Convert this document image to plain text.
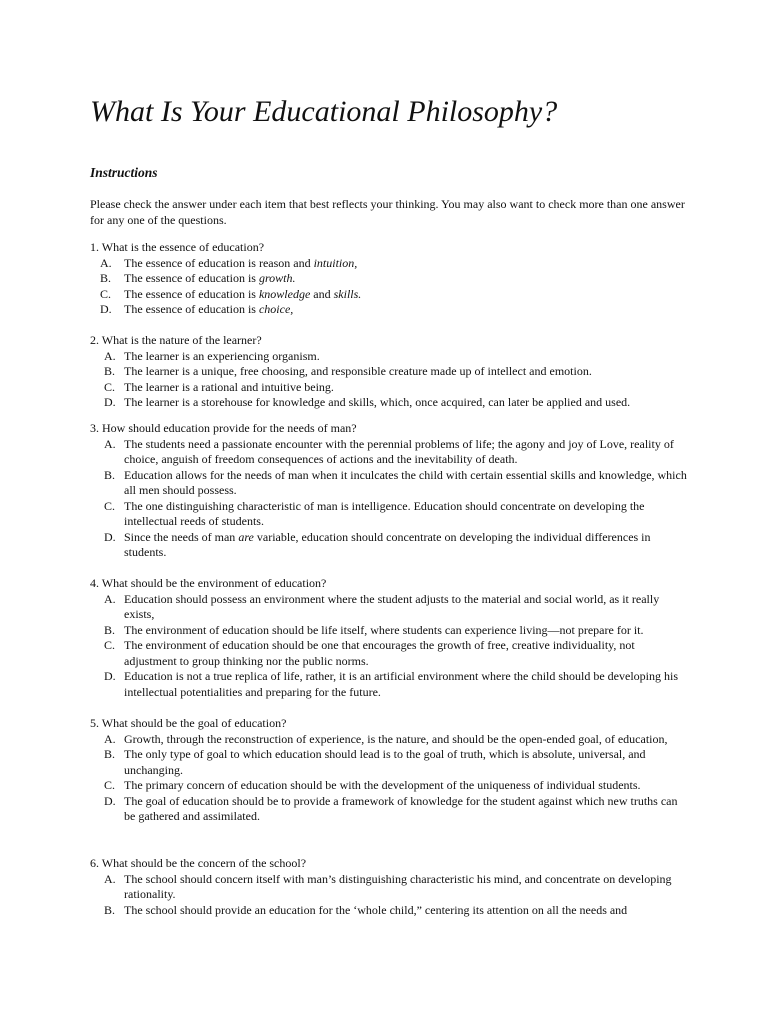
What Is Your Educational Philosophy?
Instructions

Please check the answer under each item that best reflects your thinking. You may also want to check more than one answer for any one of the questions.

1. What is the essence of education?

A.	The essence of education is reason and intuition,
B.	The essence of education is growth.
C.	The essence of education is knowledge and skills.
D.	The essence of education is choice,

2. What is the nature of the learner?

A. The learner is an experiencing organism.
B. The learner is a unique, free choosing, and responsible creature made up of intellect and emotion.
C. The learner is a rational and intuitive being.
D. The learner is a storehouse for knowledge and skills, which, once acquired, can later be applied and used.

3. How should education provide for the needs of man?

A. The students need a passionate encounter with the perennial problems of life; the agony and joy of Love, reality of choice, anguish of freedom consequences of actions and the inevitability of death.
B. Education allows for the needs of man when it inculcates the child with certain essential skills and knowledge, which all men should possess.
C. The one distinguishing characteristic of man is intelligence. Education should concentrate on developing the intellectual reeds of students.
D. Since the needs of man are variable, education should concentrate on developing the individual differences in students.

4. What should be the environment of education?

A. Education should possess an environment where the student adjusts to the material and social world, as it really exists,
B. The environment of education should be life itself, where students can experience living—not prepare for it.
C. The environment of education should be one that encourages the growth of free, creative individuality, not adjustment to group thinking nor the public norms.
D. Education is not a true replica of life, rather, it is an artificial environment where the child should be developing his intellectual potentialities and preparing for the future.

5. What should be the goal of education?

A. Growth, through the reconstruction of experience, is the nature, and should be the open-ended goal, of education,
B. The only type of goal to which education should lead is to the goal of truth, which is absolute, universal, and unchanging.
C. The primary concern of education should be with the development of the uniqueness of individual students.
D. The goal of education should be to provide a framework of knowledge for the student against which new truths can be gathered and assimilated.

6. What should be the concern of the school?

A. The school should concern itself with man’s distinguishing characteristic his mind, and concentrate on developing rationality.
B. The school should provide an education for the ‘whole child,” centering its attention on all the needs and
